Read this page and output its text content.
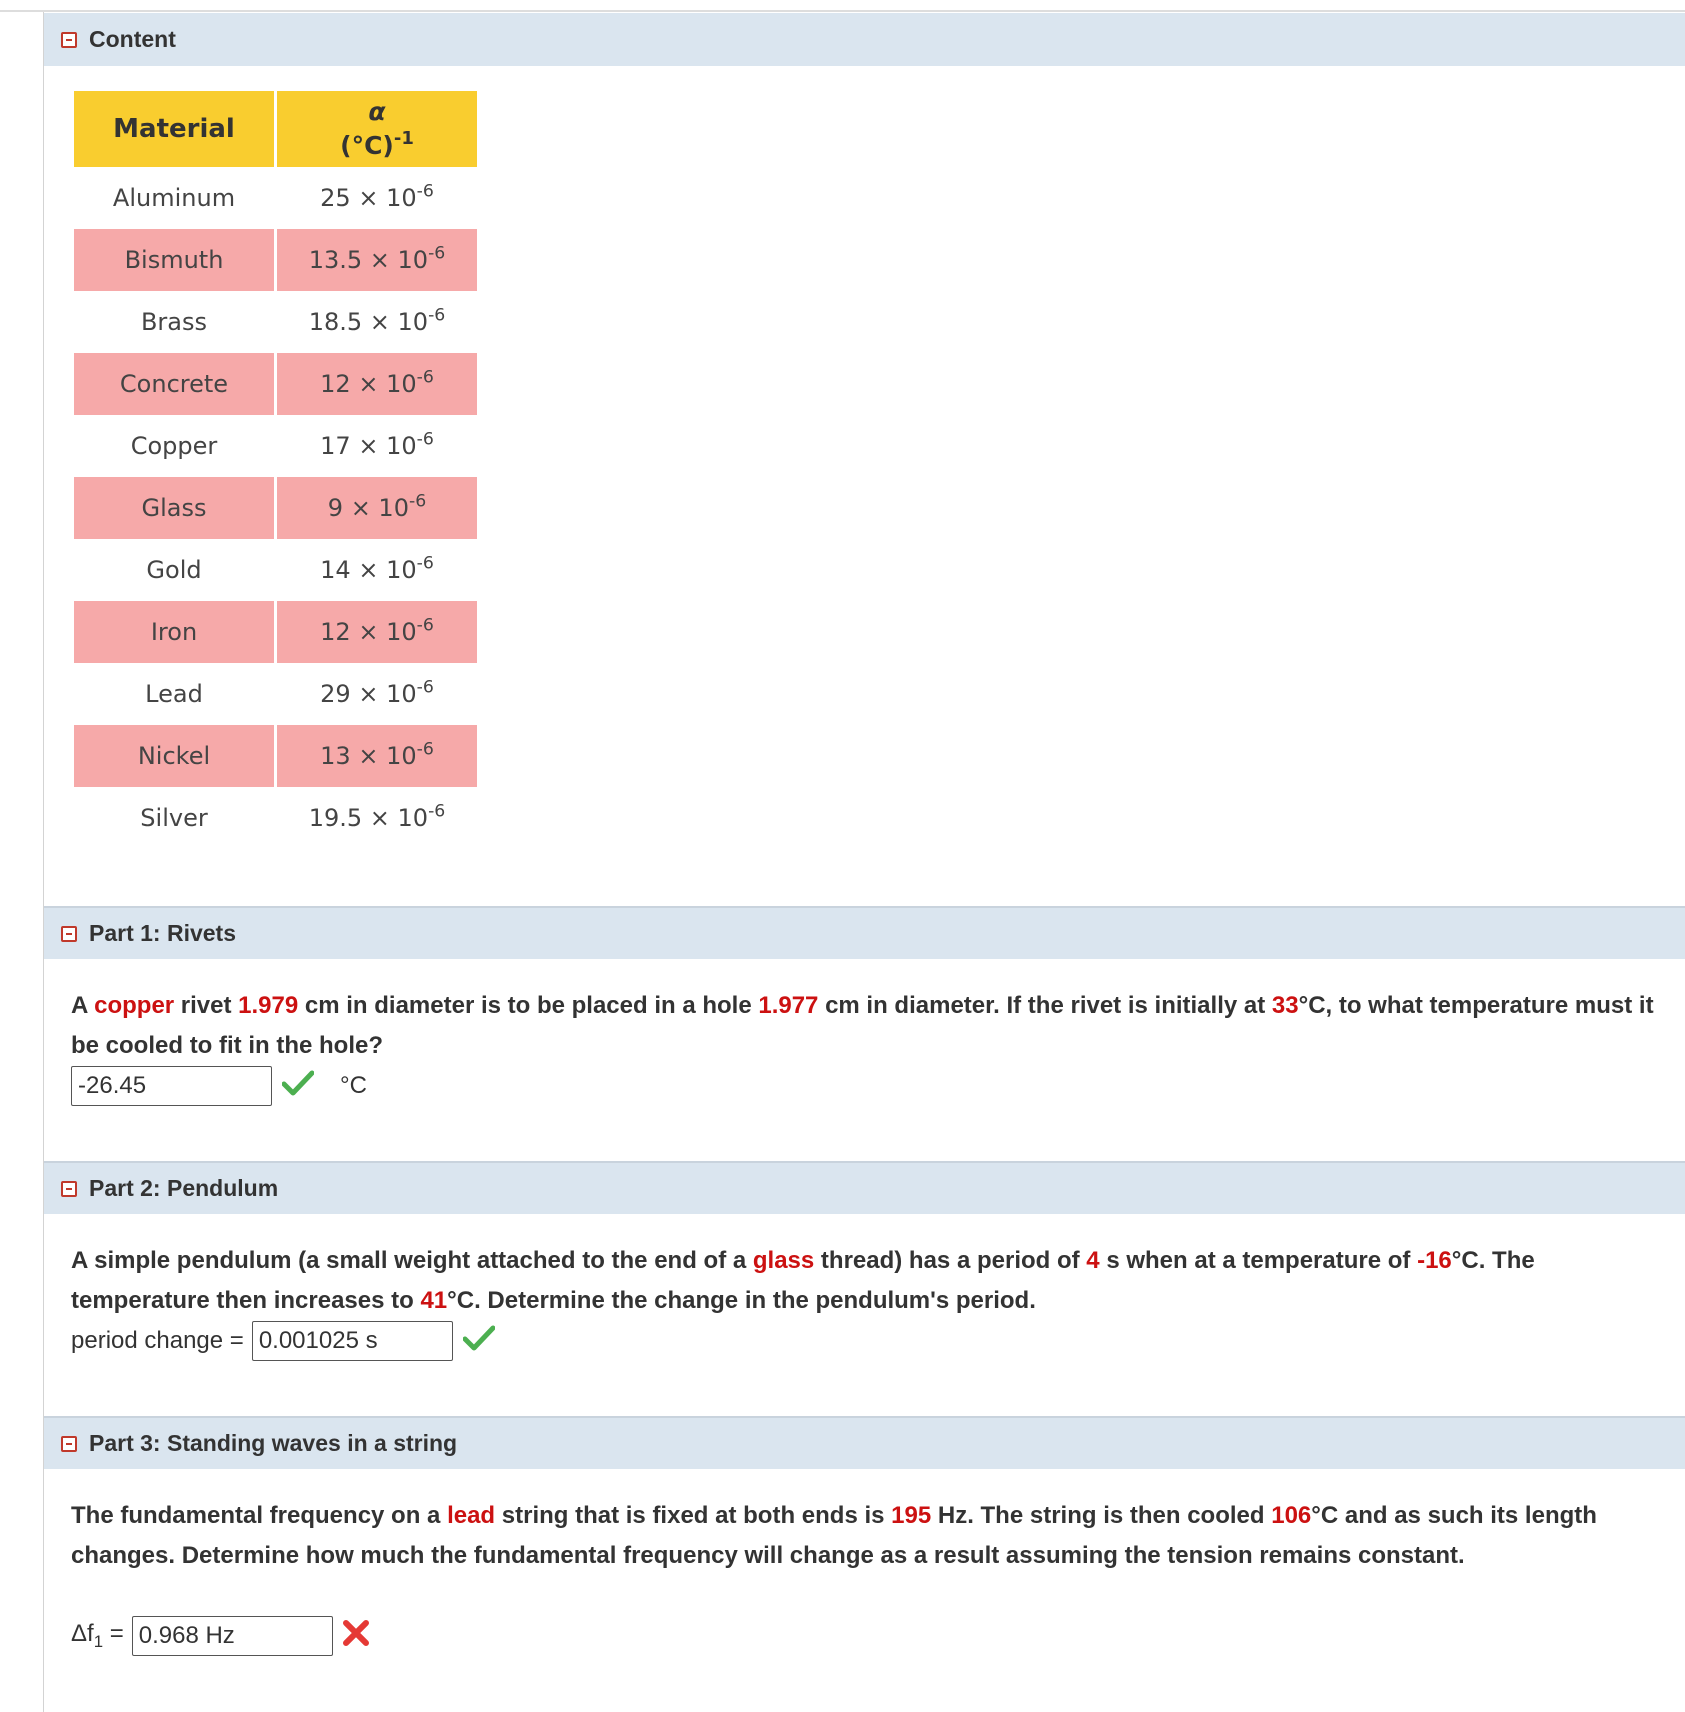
Content
Material	α
$(^\circ C)^{-1}$

Aluminum	$25 \times 10^{-6}$
Bismuth	$13.5 \times 10^{-6}$
Brass	$18.5 \times 10^{-6}$
Concrete	$12 \times 10^{-6}$
Copper	$17 \times 10^{-6}$
Glass	$9 \times 10^{-6}$
Gold	$14 \times 10^{-6}$
Iron	$12 \times 10^{-6}$
Lead	$29 \times 10^{-6}$
Nickel	$13 \times 10^{-6}$
Silver	$19.5 \times 10^{-6}$
Part 1: Rivets
A copper rivet 1.979 cm in diameter is to be placed in a hole 1.977 cm in diameter. If the rivet is initially at 33°C, to what temperature must it be cooled to fit in the hole?
-26.45
°C
Part 2: Pendulum
A simple pendulum (a small weight attached to the end of a glass thread) has a period of 4 s when at a temperature of -16°C. The temperature then increases to 41°C. Determine the change in the pendulum's period.
period change =
0.001025 s
Part 3: Standing waves in a string
The fundamental frequency on a lead string that is fixed at both ends is 195 Hz. The string is then cooled 106°C and as such its length changes. Determine how much the fundamental frequency will change as a result assuming the tension remains constant.
$\Delta f_1$ =
0.968 Hz
